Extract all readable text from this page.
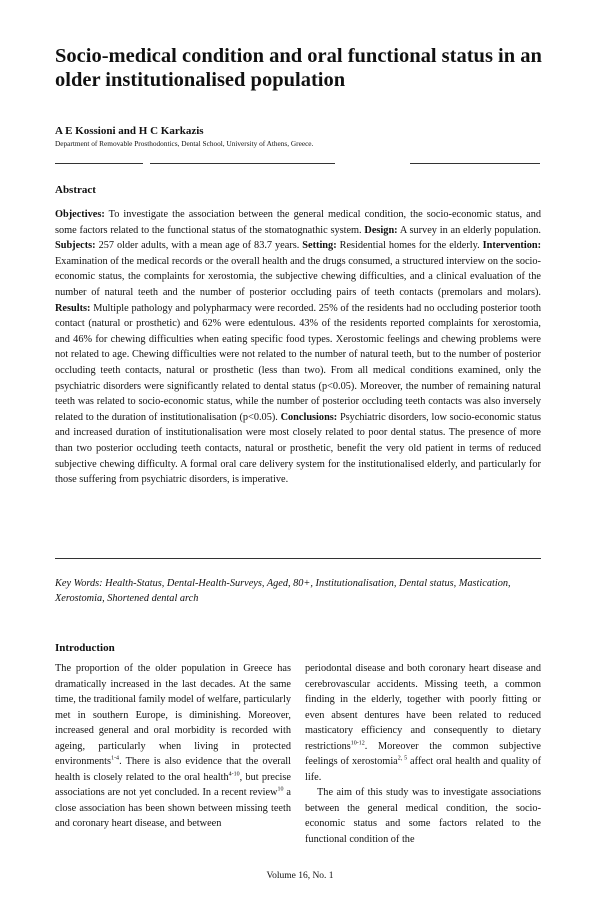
Socio-medical condition and oral functional status in an older institutionalised population
A E Kossioni and H C Karkazis
Department of Removable Prosthodontics, Dental School, University of Athens, Greece.
Abstract

Objectives: To investigate the association between the general medical condition, the socio-economic status, and some factors related to the functional status of the stomatognathic system. Design: A survey in an elderly population. Subjects: 257 older adults, with a mean age of 83.7 years. Setting: Residential homes for the elderly. Intervention: Examination of the medical records or the overall health and the drugs consumed, a structured interview on the socio-economic status, the complaints for xerostomia, the subjective chewing difficulties, and a clinical evaluation of the number of natural teeth and the number of posterior occluding pairs of teeth contacts (premolars and molars). Results: Multiple pathology and polypharmacy were recorded. 25% of the residents had no occluding posterior tooth contact (natural or prosthetic) and 62% were edentulous. 43% of the residents reported complaints for xerostomia, and 46% for chewing difficulties when eating specific food types. Xerostomic feelings and chewing problems were not related to age. Chewing difficulties were not related to the number of natural teeth, but to the number of posterior occluding teeth contacts, natural or prosthetic (less than two). From all medical conditions examined, only the psychiatric disorders were significantly related to dental status (p<0.05). Moreover, the number of remaining natural teeth was related to socio-economic status, while the number of posterior occluding teeth contacts was also inversely related to the duration of institutionalisation (p<0.05). Conclusions: Psychiatric disorders, low socio-economic status and increased duration of institutionalisation were most closely related to poor dental status. The presence of more than two posterior occluding teeth contacts, natural or prosthetic, benefit the very old patient in terms of reduced subjective chewing difficulty. A formal oral care delivery system for the institutionalised elderly, and particularly for those suffering from psychiatric disorders, is imperative.

Key Words: Health-Status, Dental-Health-Surveys, Aged, 80+, Institutionalisation, Dental status, Mastication, Xerostomia, Shortened dental arch

Introduction

The proportion of the older population in Greece has dramatically increased in the last decades. At the same time, the traditional family model of welfare, particularly met in southern Europe, is diminishing. Moreover, increased general and oral morbidity is recorded with ageing, particularly when living in protected environments$^{1-4}$. There is also evidence that the overall health is closely related to the oral health$^{4-10}$, but precise associations are not yet concluded. In a recent review$^{10}$ a close association has been shown between missing teeth and coronary heart disease, and between

periodontal disease and both coronary heart disease and cerebrovascular accidents. Missing teeth, a common finding in the elderly, together with poorly fitting or even absent dentures have been related to reduced masticatory efficiency and consequently to dietary restrictions$^{10-12}$. Moreover the common subjective feelings of xerostomia$^{2, 5}$ affect oral health and quality of life.
The aim of this study was to investigate associations between the general medical condition, the socio-economic status and some factors related to the functional condition of the

Volume 16, No. 1
